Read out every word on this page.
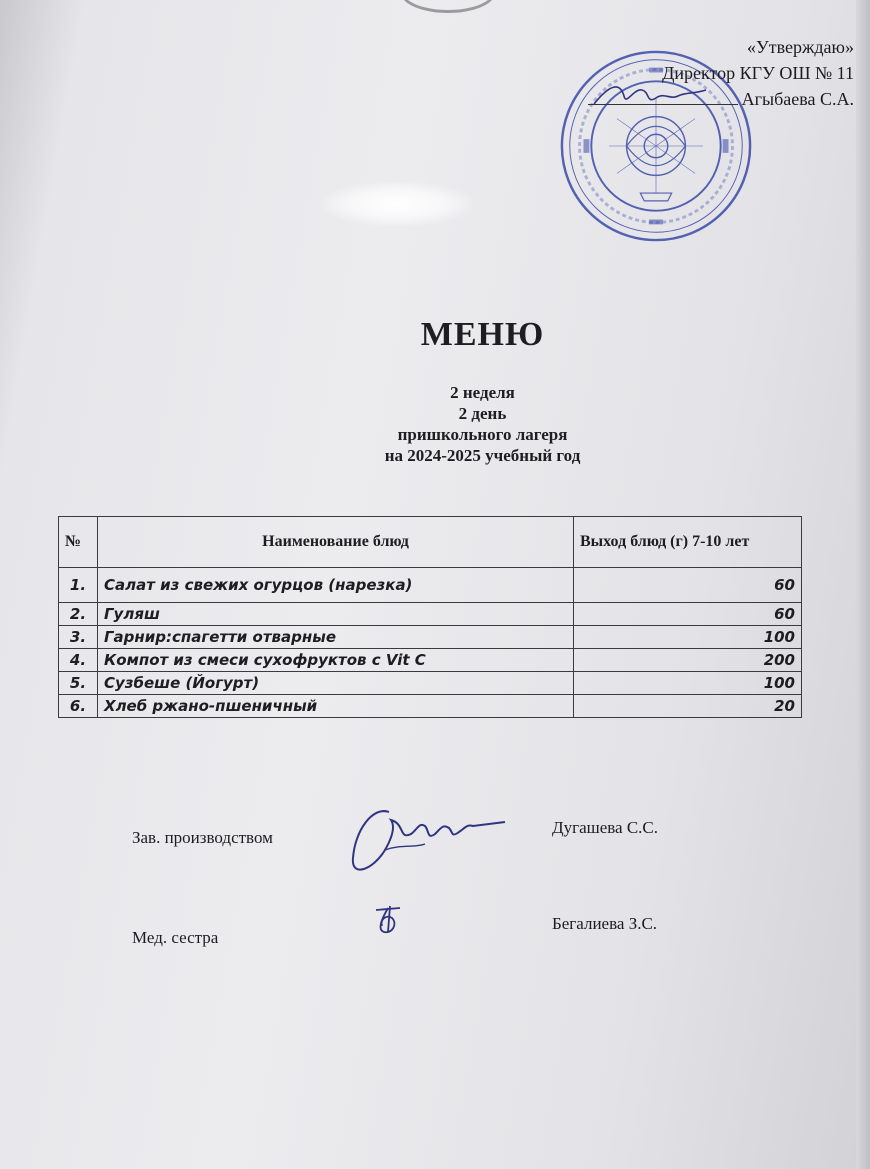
«Утверждаю»
Директор КГУ ОШ № 11
Агыбаева С.А.
МЕНЮ
2 неделя
2 день
пришкольного лагеря
на 2024-2025 учебный год
№	Наименование блюд	Выход блюд (г) 7-10 лет
1.	Салат из свежих огурцов (нарезка)	60
2.	Гуляш	60
3.	Гарнир:спагетти отварные	100
4.	Компот из смеси сухофруктов с Vit C	200
5.	Сузбеше (Йогурт)	100
6.	Хлеб ржано-пшеничный	20
Зав. производством
Дугашева С.С.
Мед. сестра
Бегалиева З.С.
